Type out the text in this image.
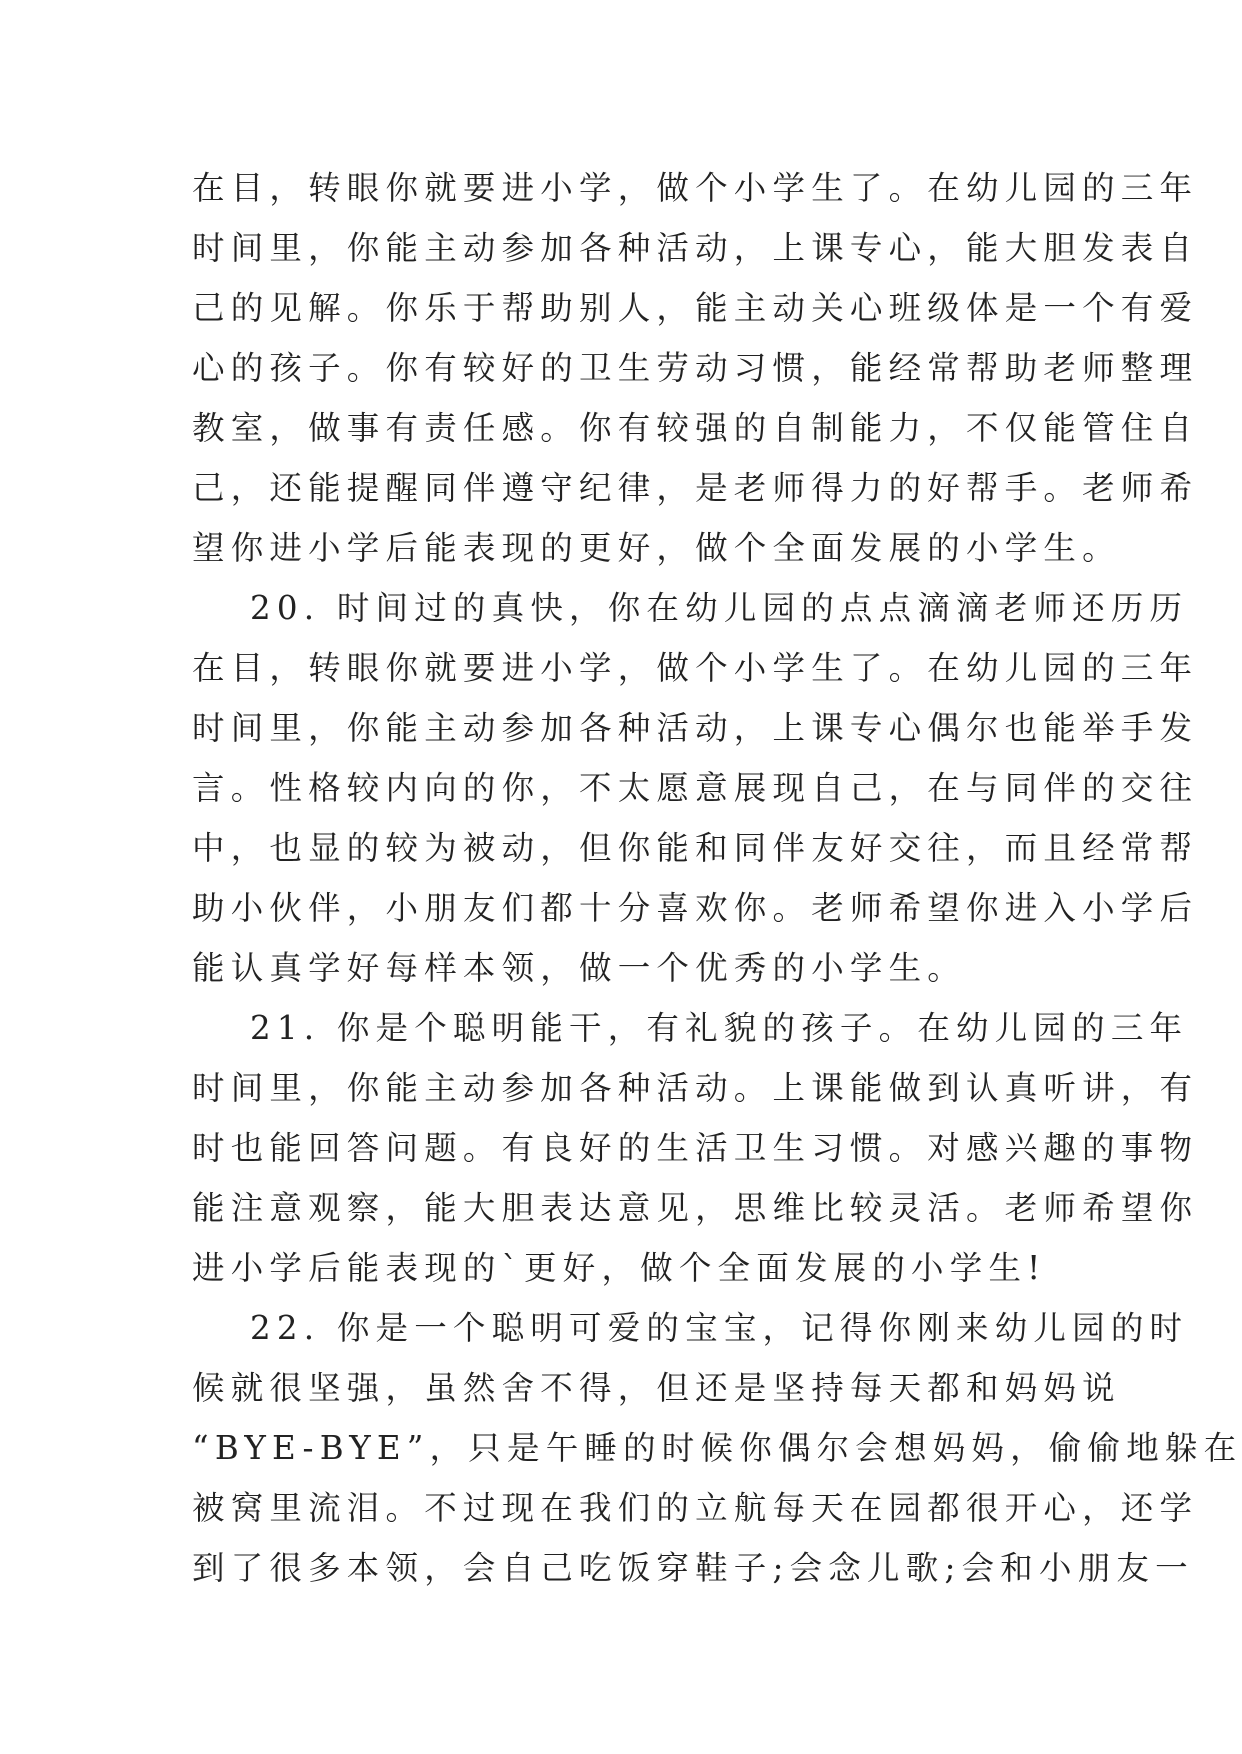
在目，转眼你就要进小学，做个小学生了。在幼儿园的三年
时间里，你能主动参加各种活动，上课专心，能大胆发表自
己的见解。你乐于帮助别人，能主动关心班级体是一个有爱
心的孩子。你有较好的卫生劳动习惯，能经常帮助老师整理
教室，做事有责任感。你有较强的自制能力，不仅能管住自
己，还能提醒同伴遵守纪律，是老师得力的好帮手。老师希
望你进小学后能表现的更好，做个全面发展的小学生。
20. 时间过的真快，你在幼儿园的点点滴滴老师还历历
在目，转眼你就要进小学，做个小学生了。在幼儿园的三年
时间里，你能主动参加各种活动，上课专心偶尔也能举手发
言。性格较内向的你，不太愿意展现自己，在与同伴的交往
中，也显的较为被动，但你能和同伴友好交往，而且经常帮
助小伙伴，小朋友们都十分喜欢你。老师希望你进入小学后
能认真学好每样本领，做一个优秀的小学生。
21. 你是个聪明能干，有礼貌的孩子。在幼儿园的三年
时间里，你能主动参加各种活动。上课能做到认真听讲，有
时也能回答问题。有良好的生活卫生习惯。对感兴趣的事物
能注意观察，能大胆表达意见，思维比较灵活。老师希望你
进小学后能表现的`更好，做个全面发展的小学生!
22. 你是一个聪明可爱的宝宝，记得你刚来幼儿园的时
候就很坚强，虽然舍不得，但还是坚持每天都和妈妈说
“BYE-BYE”，只是午睡的时候你偶尔会想妈妈，偷偷地躲在
被窝里流泪。不过现在我们的立航每天在园都很开心，还学
到了很多本领，会自己吃饭穿鞋子;会念儿歌;会和小朋友一
